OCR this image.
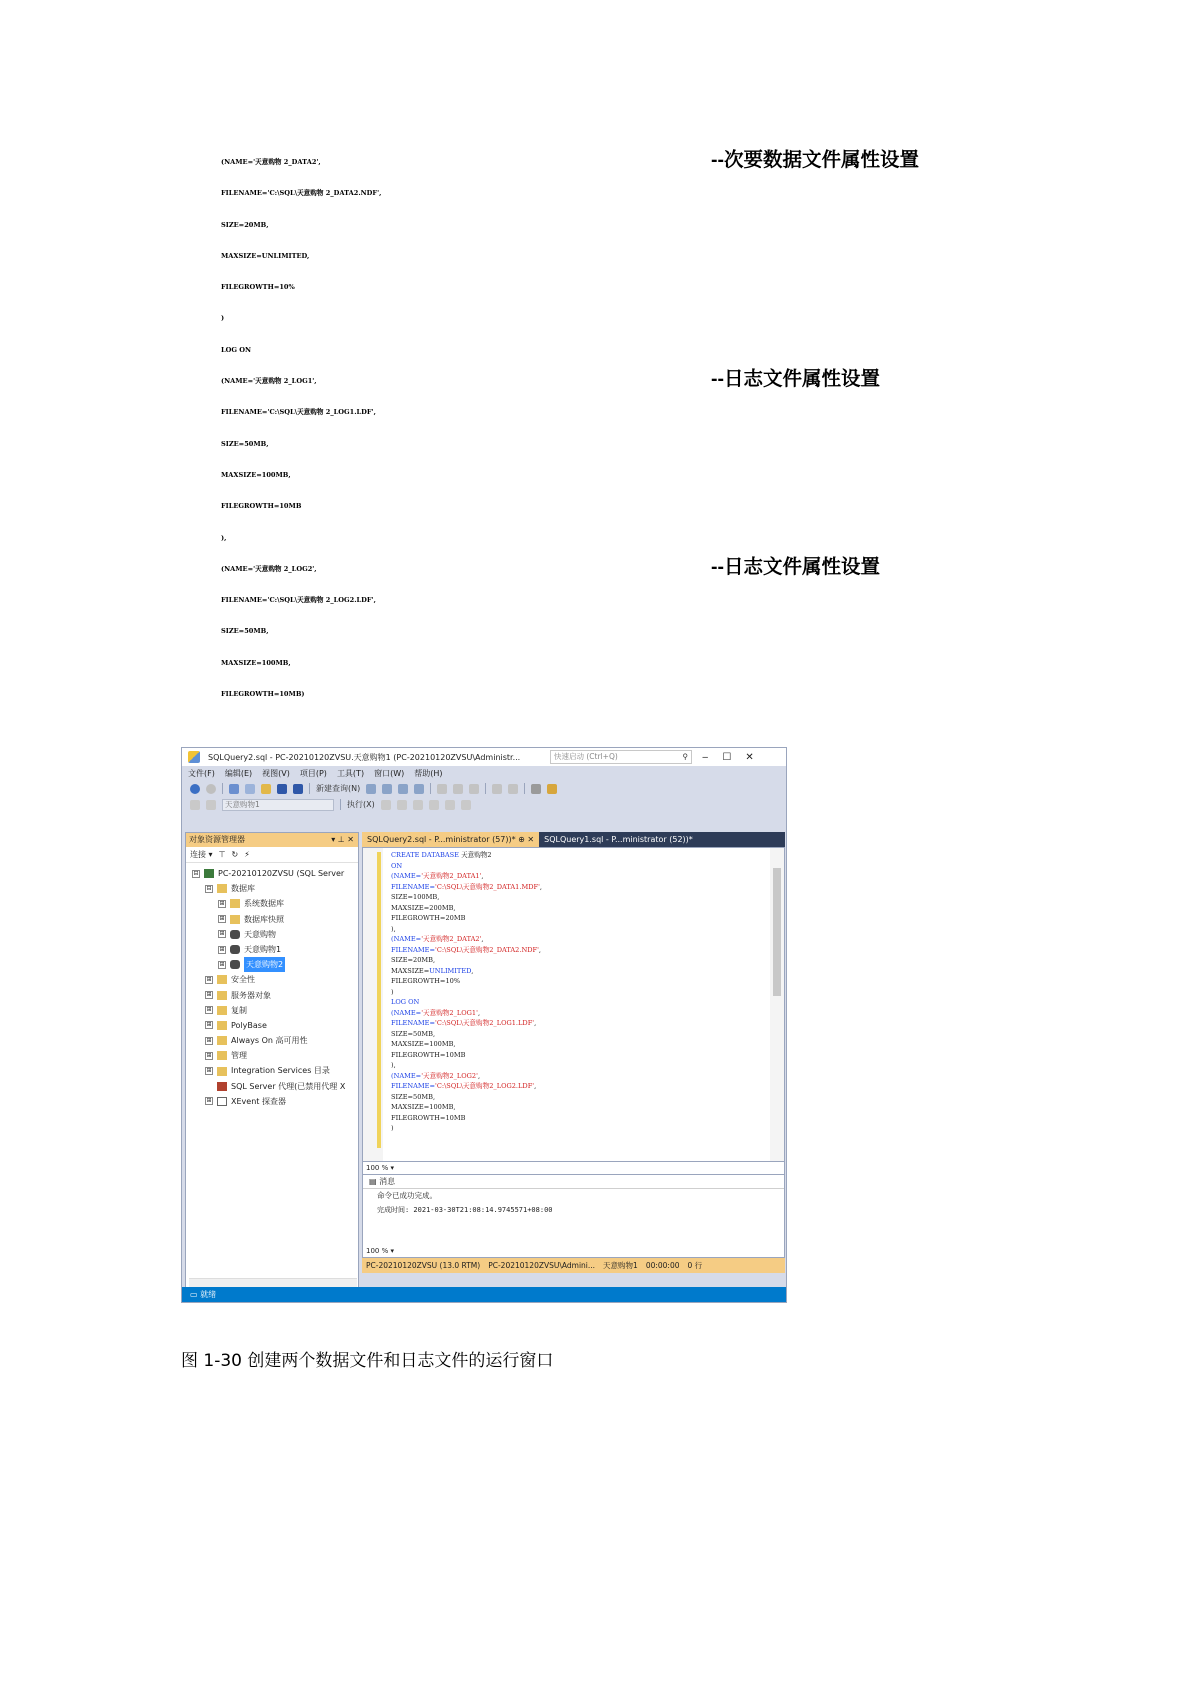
(NAME='天意购物 2_DATA2',	--次要数据文件属性设置
FILENAME='C:\SQL\天意购物 2_DATA2.NDF',
SIZE=20MB,
MAXSIZE=UNLIMITED,
FILEGROWTH=10%
)
LOG ON
(NAME='天意购物 2_LOG1',	--日志文件属性设置
FILENAME='C:\SQL\天意购物 2_LOG1.LDF',
SIZE=50MB,
MAXSIZE=100MB,
FILEGROWTH=10MB
),
(NAME='天意购物 2_LOG2',	--日志文件属性设置
FILENAME='C:\SQL\天意购物 2_LOG2.LDF',
SIZE=50MB,
MAXSIZE=100MB,
FILEGROWTH=10MB)
SQLQuery2.sql - PC-20210120ZVSU.天意购物1 (PC-20210120ZVSU\Administr...	快速启动 (Ctrl+Q)	⚲	‒ ☐ ✕
文件(F) 编辑(E) 视图(V) 项目(P) 工具(T) 窗口(W) 帮助(H)
新建查询(N)
天意购物1	执行(X)
对象资源管理器	▾ ⊥ ✕
连接 ▾ ⊤ ↻ ⚡
⊟ PC-20210120ZVSU (SQL Server
⊟ 数据库
⊞ 系统数据库
⊞ 数据库快照
⊞ 天意购物
⊞ 天意购物1
⊞	天意购物2
⊞ 安全性
⊞ 服务器对象
⊞ 复制
⊞ PolyBase
⊞ Always On 高可用性
⊞ 管理
⊞ Integration Services 目录
SQL Server 代理(已禁用代理 X
⊞ XEvent 探查器
SQLQuery2.sql - P...ministrator (57))* ⊕ ✕	SQLQuery1.sql - P...ministrator (52))*
CREATE DATABASE 天意购物2
ON
(NAME='天意购物2_DATA1',
FILENAME='C:\SQL\天意购物2_DATA1.MDF',
SIZE=100MB,
MAXSIZE=200MB,
FILEGROWTH=20MB
),
(NAME='天意购物2_DATA2',
FILENAME='C:\SQL\天意购物2_DATA2.NDF',
SIZE=20MB,
MAXSIZE=UNLIMITED,
FILEGROWTH=10%
)
LOG ON
(NAME='天意购物2_LOG1',
FILENAME='C:\SQL\天意购物2_LOG1.LDF',
SIZE=50MB,
MAXSIZE=100MB,
FILEGROWTH=10MB
),
(NAME='天意购物2_LOG2',
FILENAME='C:\SQL\天意购物2_LOG2.LDF',
SIZE=50MB,
MAXSIZE=100MB,
FILEGROWTH=10MB
)
100 % ▾
▤ 消息
命令已成功完成。
完成时间: 2021-03-30T21:08:14.9745571+08:00
100 % ▾
PC-20210120ZVSU (13.0 RTM) PC-20210120ZVSU\Admini... 天意购物1 00:00:00 0 行
▭ 就绪
图 1-30 创建两个数据文件和日志文件的运行窗口
